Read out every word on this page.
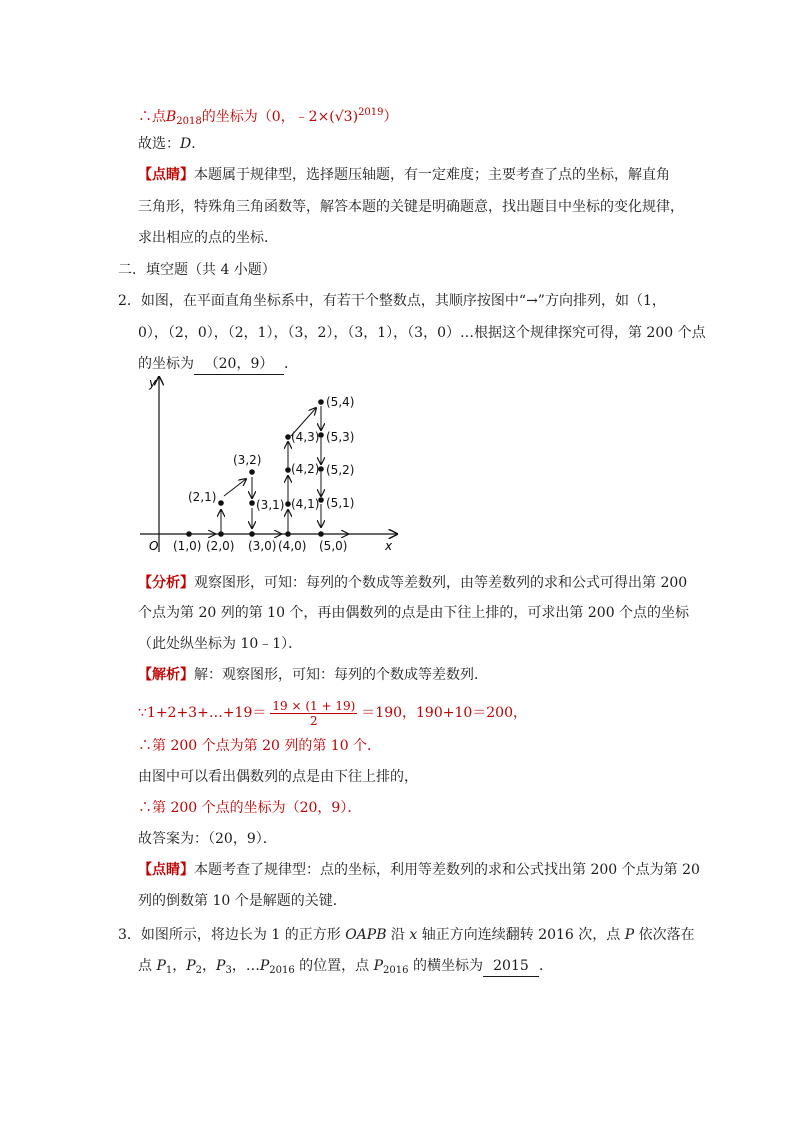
∴点$B_{2018}$的坐标为（0，$﹣2\times(√3)^{2019}$）
故选：D.
【点睛】本题属于规律型，选择题压轴题，有一定难度；主要考查了点的坐标，解直角
三角形，特殊角三角函数等，解答本题的关键是明确题意，找出题目中坐标的变化规律，
求出相应的点的坐标．
二．填空题（共 4 小题）
2．如图，在平面直角坐标系中，有若干个整数点，其顺序按图中“→”方向排列，如（1，
0），（2，0），（2，1），（3，2），（3，1），（3，0）…根据这个规律探究可得，第 200 个点
的坐标为 （20，9） ．
x
y
O (1,0) (2,0) (3,0) (4,0) (5,0)
(2,1)
(3,2)
(3,1) (4,1)
(4,2)
(4,3)
(5,4)
(5,3)
(5,2)
(5,1)
【分析】观察图形，可知：每列的个数成等差数列，由等差数列的求和公式可得出第 200
个点为第 20 列的第 10 个，再由偶数列的点是由下往上排的，可求出第 200 个点的坐标
（此处纵坐标为 10﹣1）．
【解析】解：观察图形，可知：每列的个数成等差数列．
∵1+2+3+…+19＝ $\frac{19 \times (1 + 19)}{2} =190$，190+10＝200，
∴第 200 个点为第 20 列的第 10 个．
由图中可以看出偶数列的点是由下往上排的，
∴第 200 个点的坐标为（20，9）．
故答案为：（20，9）．
【点睛】本题考查了规律型：点的坐标，利用等差数列的求和公式找出第 200 个点为第 20
列的倒数第 10 个是解题的关键．
3．如图所示，将边长为 1 的正方形 OAPB 沿 x 轴正方向连续翻转 2016 次，点 P 依次落在
点 $P_1$，$P_2$，$P_3$，$\dots P_{2016}$ 的位置，点 $P_{2016}$ 的横坐标为 2015 ．
